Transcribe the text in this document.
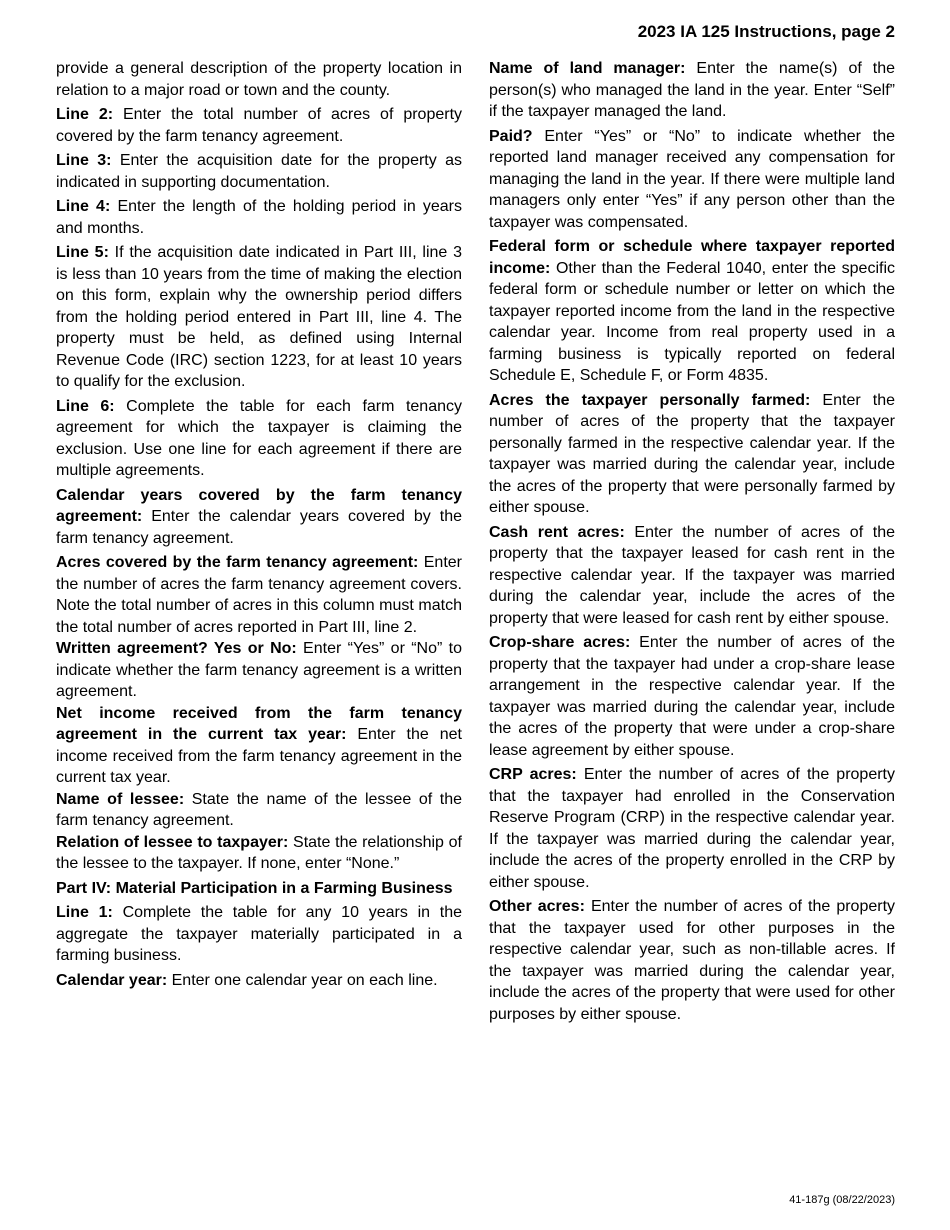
2023 IA 125 Instructions, page 2

provide a general description of the property location in relation to a major road or town and the county.

Line 2: Enter the total number of acres of property covered by the farm tenancy agreement.

Line 3: Enter the acquisition date for the property as indicated in supporting documentation.

Line 4: Enter the length of the holding period in years and months.

Line 5: If the acquisition date indicated in Part III, line 3 is less than 10 years from the time of making the election on this form, explain why the ownership period differs from the holding period entered in Part III, line 4. The property must be held, as defined using Internal Revenue Code (IRC) section 1223, for at least 10 years to qualify for the exclusion.

Line 6: Complete the table for each farm tenancy agreement for which the taxpayer is claiming the exclusion. Use one line for each agreement if there are multiple agreements.

Calendar years covered by the farm tenancy agreement: Enter the calendar years covered by the farm tenancy agreement.

Acres covered by the farm tenancy agreement: Enter the number of acres the farm tenancy agreement covers. Note the total number of acres in this column must match the total number of acres reported in Part III, line 2.

Written agreement? Yes or No: Enter “Yes” or “No” to indicate whether the farm tenancy agreement is a written agreement.

Net income received from the farm tenancy agreement in the current tax year: Enter the net income received from the farm tenancy agreement in the current tax year.

Name of lessee: State the name of the lessee of the farm tenancy agreement.

Relation of lessee to taxpayer: State the relationship of the lessee to the taxpayer. If none, enter “None.”

Part IV: Material Participation in a Farming Business

Line 1: Complete the table for any 10 years in the aggregate the taxpayer materially participated in a farming business.

Calendar year: Enter one calendar year on each line.

Name of land manager: Enter the name(s) of the person(s) who managed the land in the year. Enter “Self” if the taxpayer managed the land.

Paid? Enter “Yes” or “No” to indicate whether the reported land manager received any compensation for managing the land in the year. If there were multiple land managers only enter “Yes” if any person other than the taxpayer was compensated.

Federal form or schedule where taxpayer reported income: Other than the Federal 1040, enter the specific federal form or schedule number or letter on which the taxpayer reported income from the land in the respective calendar year. Income from real property used in a farming business is typically reported on federal Schedule E, Schedule F, or Form 4835.

Acres the taxpayer personally farmed: Enter the number of acres of the property that the taxpayer personally farmed in the respective calendar year. If the taxpayer was married during the calendar year, include the acres of the property that were personally farmed by either spouse.

Cash rent acres: Enter the number of acres of the property that the taxpayer leased for cash rent in the respective calendar year. If the taxpayer was married during the calendar year, include the acres of the property that were leased for cash rent by either spouse.

Crop-share acres: Enter the number of acres of the property that the taxpayer had under a crop-share lease arrangement in the respective calendar year. If the taxpayer was married during the calendar year, include the acres of the property that were under a crop-share lease agreement by either spouse.

CRP acres: Enter the number of acres of the property that the taxpayer had enrolled in the Conservation Reserve Program (CRP) in the respective calendar year. If the taxpayer was married during the calendar year, include the acres of the property enrolled in the CRP by either spouse.

Other acres: Enter the number of acres of the property that the taxpayer used for other purposes in the respective calendar year, such as non-tillable acres. If the taxpayer was married during the calendar year, include the acres of the property that were used for other purposes by either spouse.

41-187g (08/22/2023)
